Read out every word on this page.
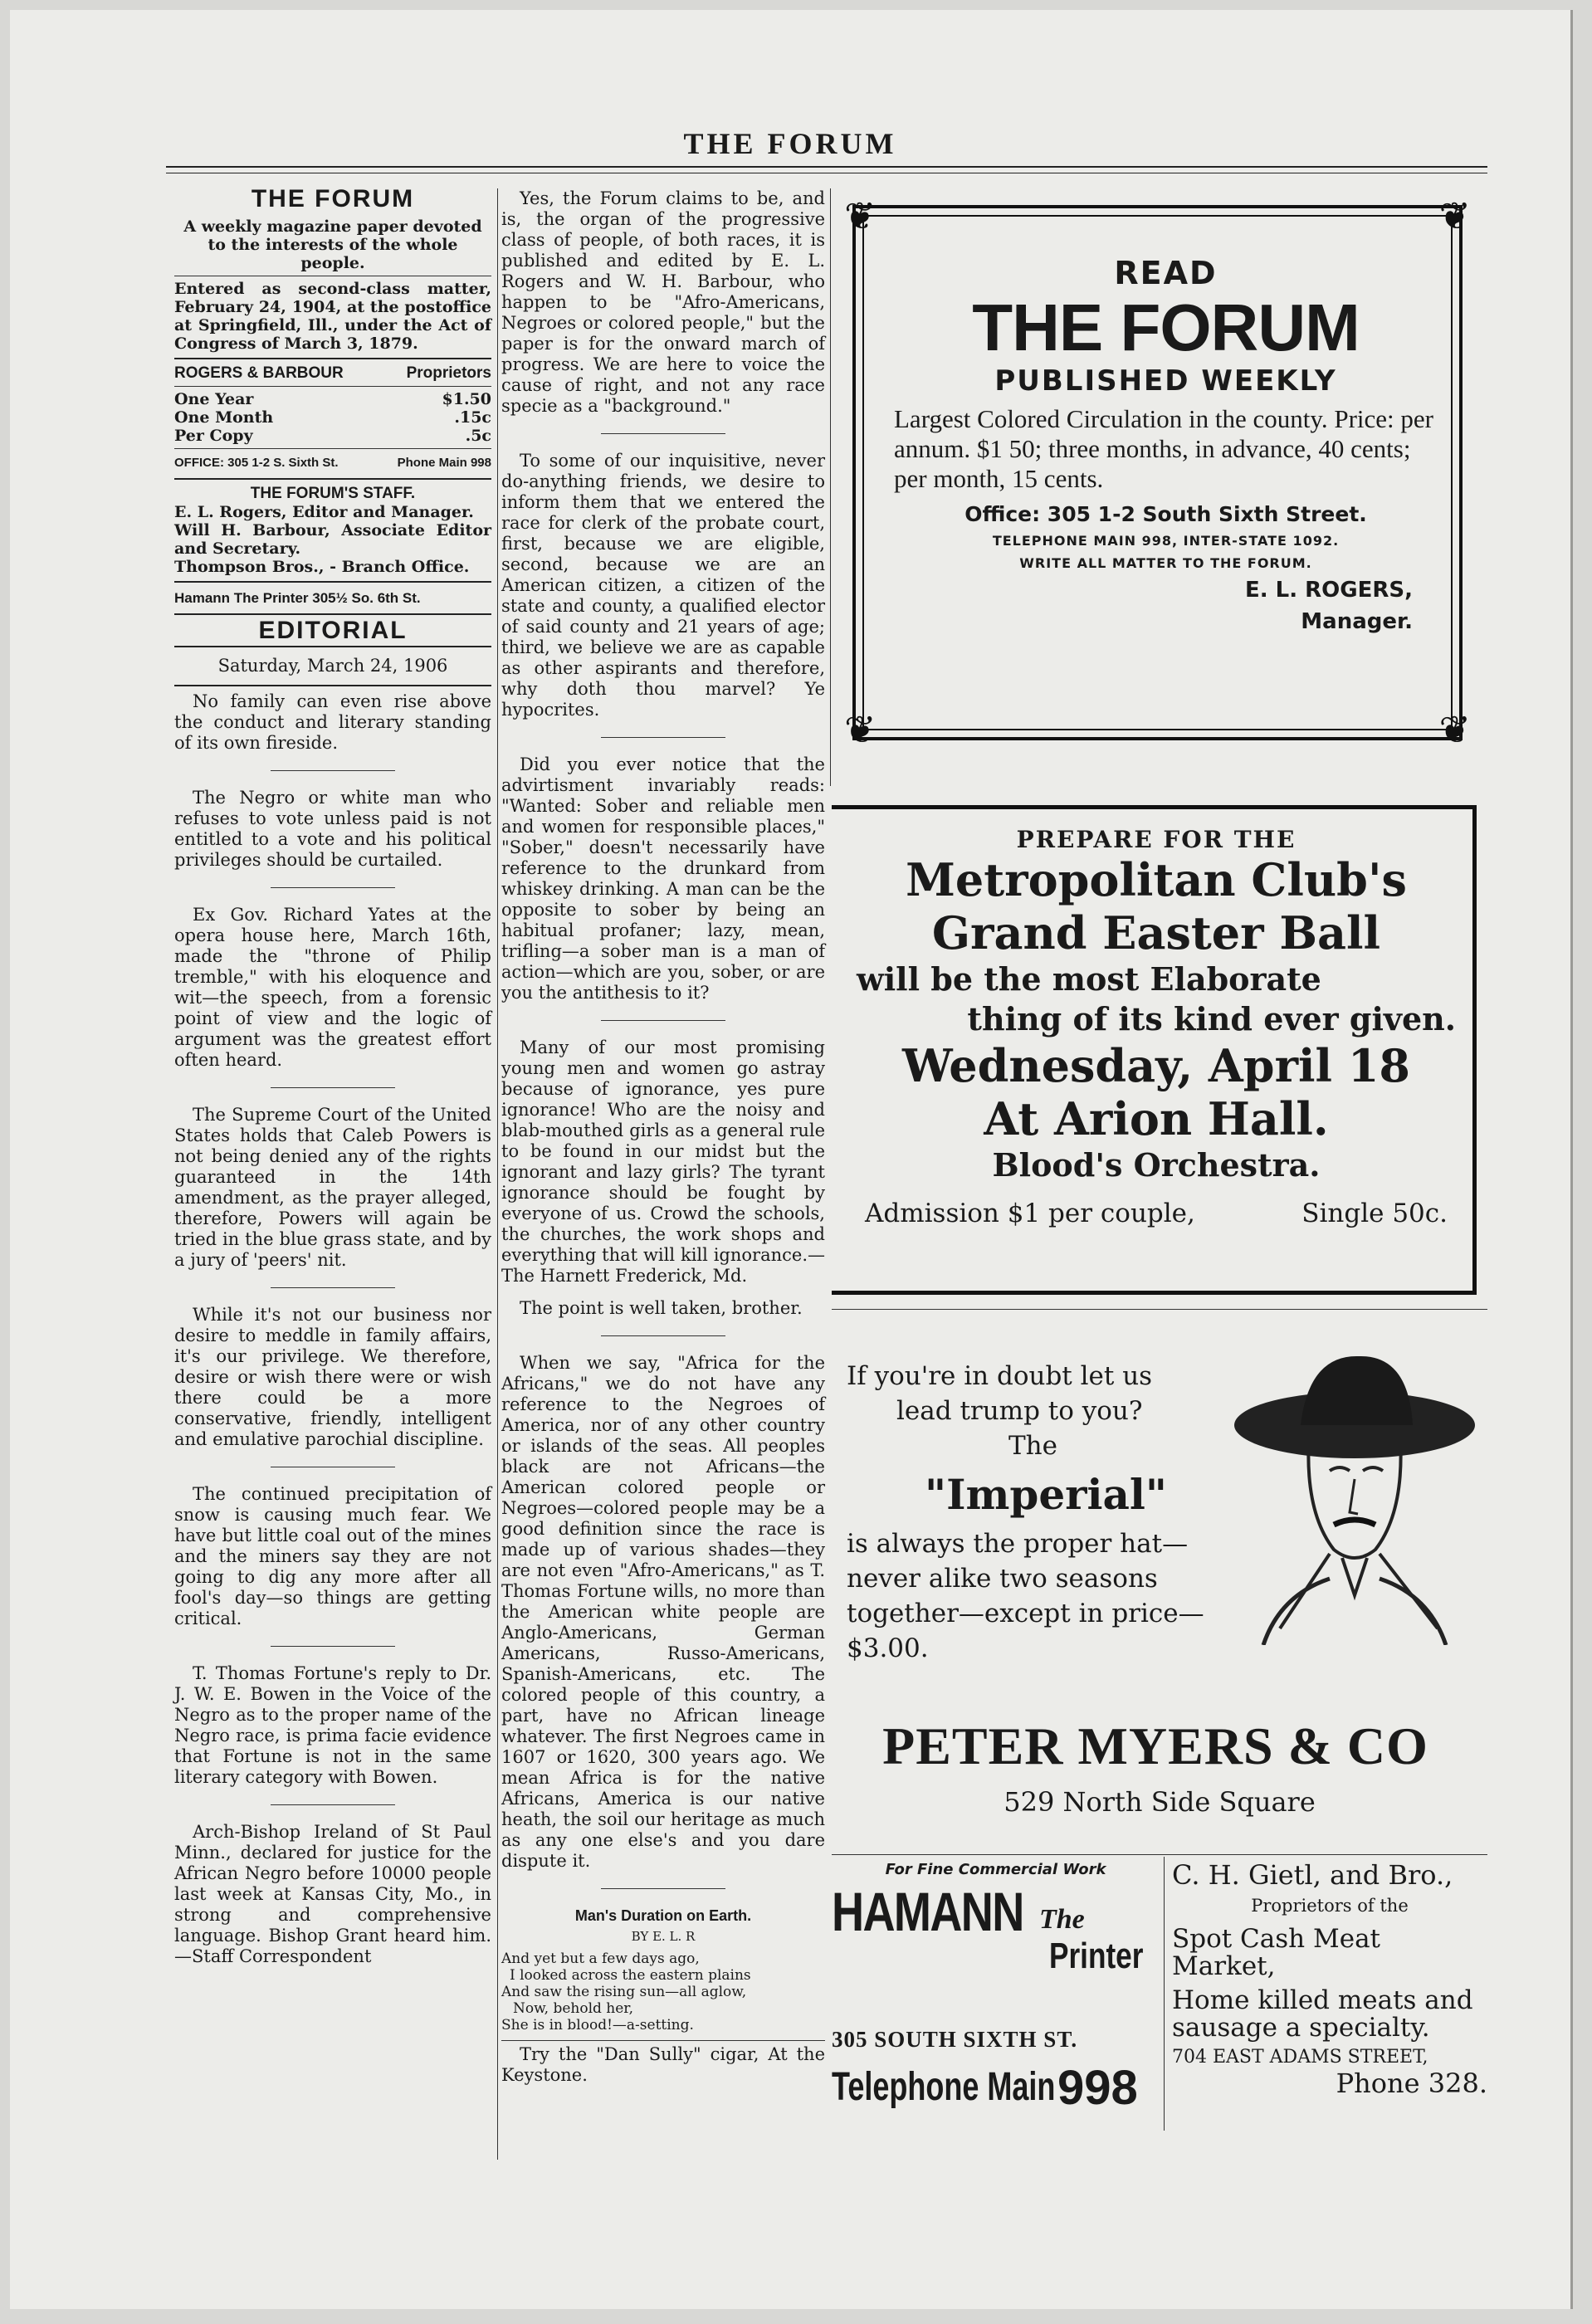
THE FORUM
THE FORUM
A weekly magazine paper devoted to the interests of the whole people.
Entered as second-class matter, February 24, 1904, at the postoffice at Springfield, Ill., under the Act of Congress of March 3, 1879.
ROGERS & BARBOUR	Proprietors
One Year	$1.50
One Month	.15c
Per Copy	.5c
OFFICE: 305 1-2 S. Sixth St.	Phone Main 998
THE FORUM'S STAFF.
E. L. Rogers, Editor and Manager.
Will H. Barbour, Associate Editor and Secretary.
Thompson Bros., - Branch Office.
Hamann The Printer 305½ So. 6th St.
EDITORIAL
Saturday, March 24, 1906

No family can even rise above the conduct and literary standing of its own fireside.

The Negro or white man who refuses to vote unless paid is not entitled to a vote and his political privileges should be curtailed.

Ex Gov. Richard Yates at the opera house here, March 16th, made the "throne of Philip tremble," with his eloquence and wit—the speech, from a forensic point of view and the logic of argument was the greatest effort often heard.

The Supreme Court of the United States holds that Caleb Powers is not being denied any of the rights guaranteed in the 14th amendment, as the prayer alleged, therefore, Powers will again be tried in the blue grass state, and by a jury of 'peers' nit.

While it's not our business nor desire to meddle in family affairs, it's our privilege. We therefore, desire or wish there were or wish there could be a more conservative, friendly, intelligent and emulative parochial discipline.

The continued precipitation of snow is causing much fear. We have but little coal out of the mines and the miners say they are not going to dig any more after all fool's day—so things are getting critical.

T. Thomas Fortune's reply to Dr. J. W. E. Bowen in the Voice of the Negro as to the proper name of the Negro race, is prima facie evidence that Fortune is not in the same literary category with Bowen.

Arch-Bishop Ireland of St Paul Minn., declared for justice for the African Negro before 10000 people last week at Kansas City, Mo., in strong and comprehensive language. Bishop Grant heard him.—Staff Correspondent

Yes, the Forum claims to be, and is, the organ of the progressive class of people, of both races, it is published and edited by E. L. Rogers and W. H. Barbour, who happen to be "Afro-Americans, Negroes or colored people," but the paper is for the onward march of progress. We are here to voice the cause of right, and not any race specie as a "background."

To some of our inquisitive, never do-anything friends, we desire to inform them that we entered the race for clerk of the probate court, first, because we are eligible, second, because we are an American citizen, a citizen of the state and county, a qualified elector of said county and 21 years of age; third, we believe we are as capable as other aspirants and therefore, why doth thou marvel? Ye hypocrites.

Did you ever notice that the advirtisment invariably reads: "Wanted: Sober and reliable men and women for responsible places," "Sober," doesn't necessarily have reference to the drunkard from whiskey drinking. A man can be the opposite to sober by being an habitual profaner; lazy, mean, trifling—a sober man is a man of action—which are you, sober, or are you the antithesis to it?

Many of our most promising young men and women go astray because of ignorance, yes pure ignorance! Who are the noisy and blab-mouthed girls as a general rule to be found in our midst but the ignorant and lazy girls? The tyrant ignorance should be fought by everyone of us. Crowd the schools, the churches, the work shops and everything that will kill ignorance.—The Harnett Frederick, Md.

The point is well taken, brother.

When we say, "Africa for the Africans," we do not have any reference to the Negroes of America, nor of any other country or islands of the seas. All peoples black are not Africans—the American colored people or Negroes—colored people may be a good definition since the race is made up of various shades—they are not even "Afro-Americans," as T. Thomas Fortune wills, no more than the American white people are Anglo-Americans, German Americans, Russo-Americans, Spanish-Americans, etc. The colored people of this country, a part, have no African lineage whatever. The first Negroes came in 1607 or 1620, 300 years ago. We mean Africa is for the native Africans, America is our native heath, the soil our heritage as much as any one else's and you dare dispute it.

Man's Duration on Earth.
BY E. L. R
And yet but a few days ago,
I looked across the eastern plains
And saw the rising sun—all aglow,
Now, behold her,
She is in blood!—a-setting.

Try the "Dan Sully" cigar, At the Keystone.

❦	❦
❦	❦
READ
THE FORUM
PUBLISHED WEEKLY
Largest Colored Circulation in the county. Price: per annum. $1 50; three months, in advance, 40 cents; per month, 15 cents.
Office: 305 1-2 South Sixth Street.
TELEPHONE MAIN 998, INTER-STATE 1092.
WRITE ALL MATTER TO THE FORUM.
E. L. ROGERS,
Manager.
PREPARE FOR THE
Metropolitan Club's
Grand Easter Ball
will be the most Elaborate
thing of its kind ever given.
Wednesday, April 18
At Arion Hall.
Blood's Orchestra.
Admission $1 per couple,	Single 50c.
If you're in doubt let us
lead trump to you?
The
"Imperial"
is always the proper hat—never alike two seasons together—except in price—$3.00.
PETER MYERS & CO
529 North Side Square
For Fine Commercial Work
HAMANN The
Printer
305 SOUTH SIXTH ST.
Telephone Main 998
C. H. Gietl, and Bro.,
Proprietors of the
Spot Cash Meat Market,
Home killed meats and sausage a specialty.
704 EAST ADAMS STREET,
Phone 328.
